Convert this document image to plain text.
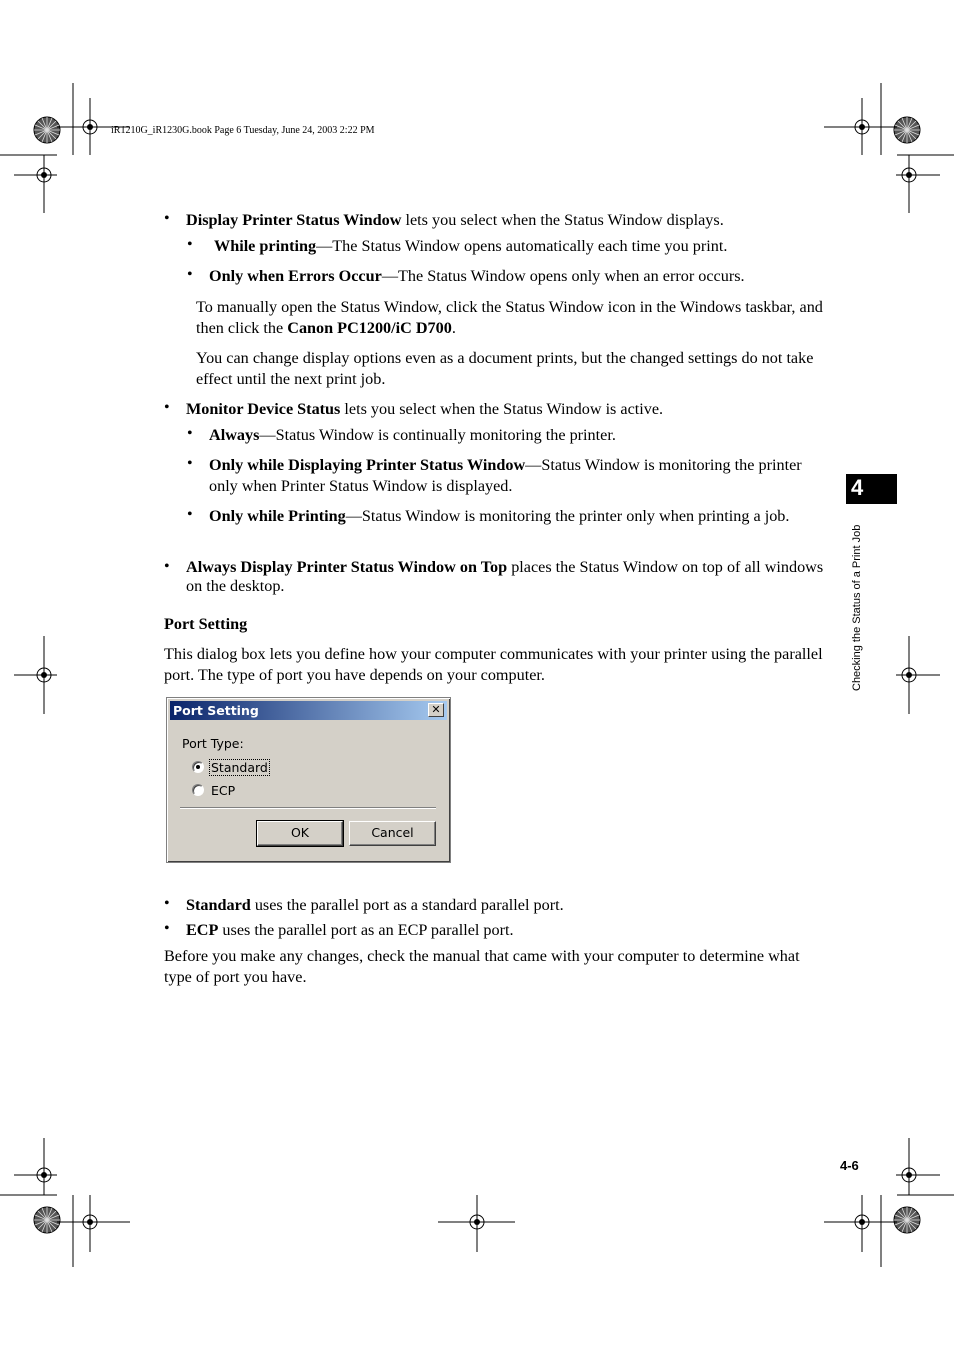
iR1210G_iR1230G.book Page 6 Tuesday, June 24, 2003 2:22 PM
4
Checking the Status of a Print Job
• Display Printer Status Window lets you select when the Status Window displays.
• While printing—The Status Window opens automatically each time you print.
• Only when Errors Occur—The Status Window opens only when an error occurs.
To manually open the Status Window, click the Status Window icon in the Windows taskbar, and then click the Canon PC1200/iC D700.
You can change display options even as a document prints, but the changed settings do not take effect until the next print job.
• Monitor Device Status lets you select when the Status Window is active.
• Always—Status Window is continually monitoring the printer.
• Only while Displaying Printer Status Window—Status Window is monitoring the printer only when Printer Status Window is displayed.
• Only while Printing—Status Window is monitoring the printer only when printing a job.
• Always Display Printer Status Window on Top places the Status Window on top of all windows on the desktop.
Port Setting
This dialog box lets you define how your computer communicates with your printer using the parallel port. The type of port you have depends on your computer.
Port Setting	✕
Port Type:
Standard
ECP
OK	Cancel
• Standard uses the parallel port as a standard parallel port.
• ECP uses the parallel port as an ECP parallel port.
Before you make any changes, check the manual that came with your computer to determine what type of port you have.
4-6
